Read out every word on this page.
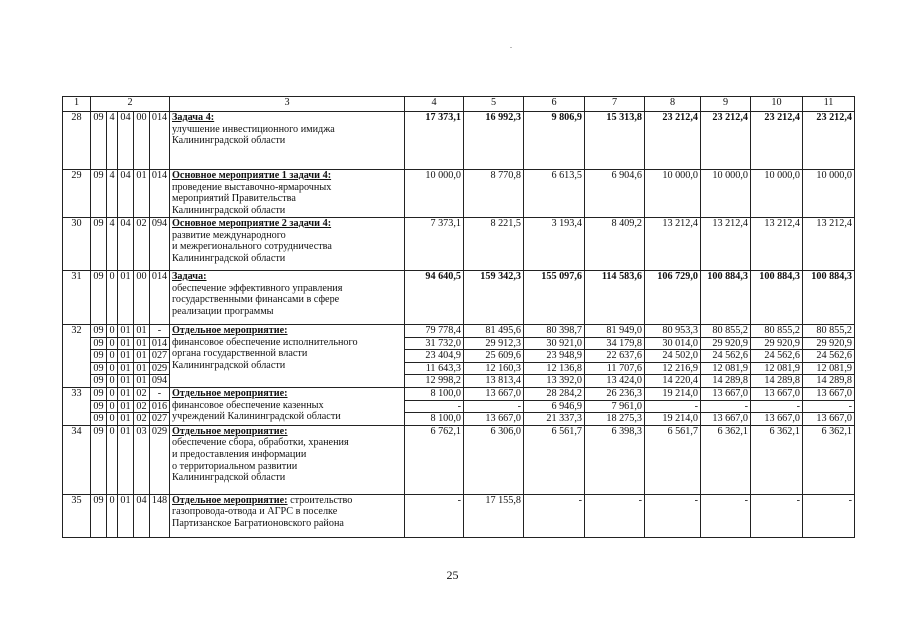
1	2					3	4	5	6	7	8	9	10	11
28	09	4	04	00	014	Задача 4:
улучшение инвестиционного имиджа
Калининградской области	17 373,1	16 992,3	9 806,9	15 313,8	23 212,4	23 212,4	23 212,4	23 212,4
29	09	4	04	01	014	Основное мероприятие 1 задачи 4:
проведение выставочно-ярмарочных
мероприятий Правительства
Калининградской области	10 000,0	8 770,8	6 613,5	6 904,6	10 000,0	10 000,0	10 000,0	10 000,0
30	09	4	04	02	094	Основное мероприятие 2 задачи 4:
развитие международного
и межрегионального сотрудничества
Калининградской области	7 373,1	8 221,5	3 193,4	8 409,2	13 212,4	13 212,4	13 212,4	13 212,4
31	09	0	01	00	014	Задача:
обеспечение эффективного управления
государственными финансами в сфере
реализации программы	94 640,5	159 342,3	155 097,6	114 583,6	106 729,0	100 884,3	100 884,3	100 884,3
32	09	0	01	01	-	Отдельное мероприятие:
финансовое обеспечение исполнительного
органа государственной власти
Калининградской области	79 778,4	81 495,6	80 398,7	81 949,0	80 953,3	80 855,2	80 855,2	80 855,2
	09	0	01	01	014		31 732,0	29 912,3	30 921,0	34 179,8	30 014,0	29 920,9	29 920,9	29 920,9
	09	0	01	01	027		23 404,9	25 609,6	23 948,9	22 637,6	24 502,0	24 562,6	24 562,6	24 562,6
	09	0	01	01	029		11 643,3	12 160,3	12 136,8	11 707,6	12 216,9	12 081,9	12 081,9	12 081,9
	09	0	01	01	094		12 998,2	13 813,4	13 392,0	13 424,0	14 220,4	14 289,8	14 289,8	14 289,8
33	09	0	01	02	-	Отдельное мероприятие:
финансовое обеспечение казенных
учреждений Калининградской области	8 100,0	13 667,0	28 284,2	26 236,3	19 214,0	13 667,0	13 667,0	13 667,0
	09	0	01	02	016		-	-	6 946,9	7 961,0	-	-	-	-
	09	0	01	02	027		8 100,0	13 667,0	21 337,3	18 275,3	19 214,0	13 667,0	13 667,0	13 667,0
34	09	0	01	03	029	Отдельное мероприятие:
обеспечение сбора, обработки, хранения
и предоставления информации
о территориальном развитии
Калининградской области	6 762,1	6 306,0	6 561,7	6 398,3	6 561,7	6 362,1	6 362,1	6 362,1
35	09	0	01	04	148	Отдельное мероприятие: строительство
газопровода-отвода и АГРС в поселке
Партизанское Багратионовского района	-	17 155,8	-	-	-	-	-	-
25
